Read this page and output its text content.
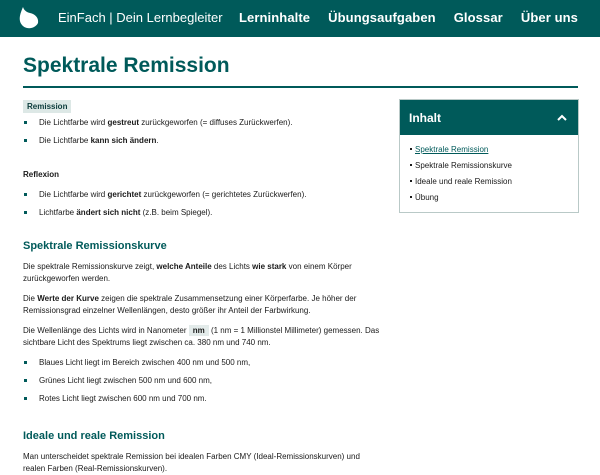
EinFach | Dein Lernbegleiter Lerninhalte Übungsaufgaben Glossar Über uns
Spektrale Remission
Remission
Die Lichtfarbe wird gestreut zurückgeworfen (= diffuses Zurückwerfen).
Die Lichtfarbe kann sich ändern.
Reflexion
Die Lichtfarbe wird gerichtet zurückgeworfen (= gerichtetes Zurückwerfen).
Lichtfarbe ändert sich nicht (z.B. beim Spiegel).
Spektrale Remissionskurve

Die spektrale Remissionskurve zeigt, welche Anteile des Lichts wie stark von einem Körper zurückgeworfen werden.

Die Werte der Kurve zeigen die spektrale Zusammensetzung einer Körperfarbe. Je höher der Remissionsgrad einzelner Wellenlängen, desto größer ihr Anteil der Farbwirkung.

Die Wellenlänge des Lichts wird in Nanometer nm (1 nm = 1 Millionstel Millimeter) gemessen. Das sichtbare Licht des Spektrums liegt zwischen ca. 380 nm und 740 nm.

Blaues Licht liegt im Bereich zwischen 400 nm und 500 nm,
Grünes Licht liegt zwischen 500 nm und 600 nm,
Rotes Licht liegt zwischen 600 nm und 700 nm.
Ideale und reale Remission

Man unterscheidet spektrale Remission bei idealen Farben CMY (Ideal-Remissionskurven) und realen Farben (Real-Remissionskurven).

Inhalt
Spektrale Remission
Spektrale Remissionskurve
Ideale und reale Remission
Übung
